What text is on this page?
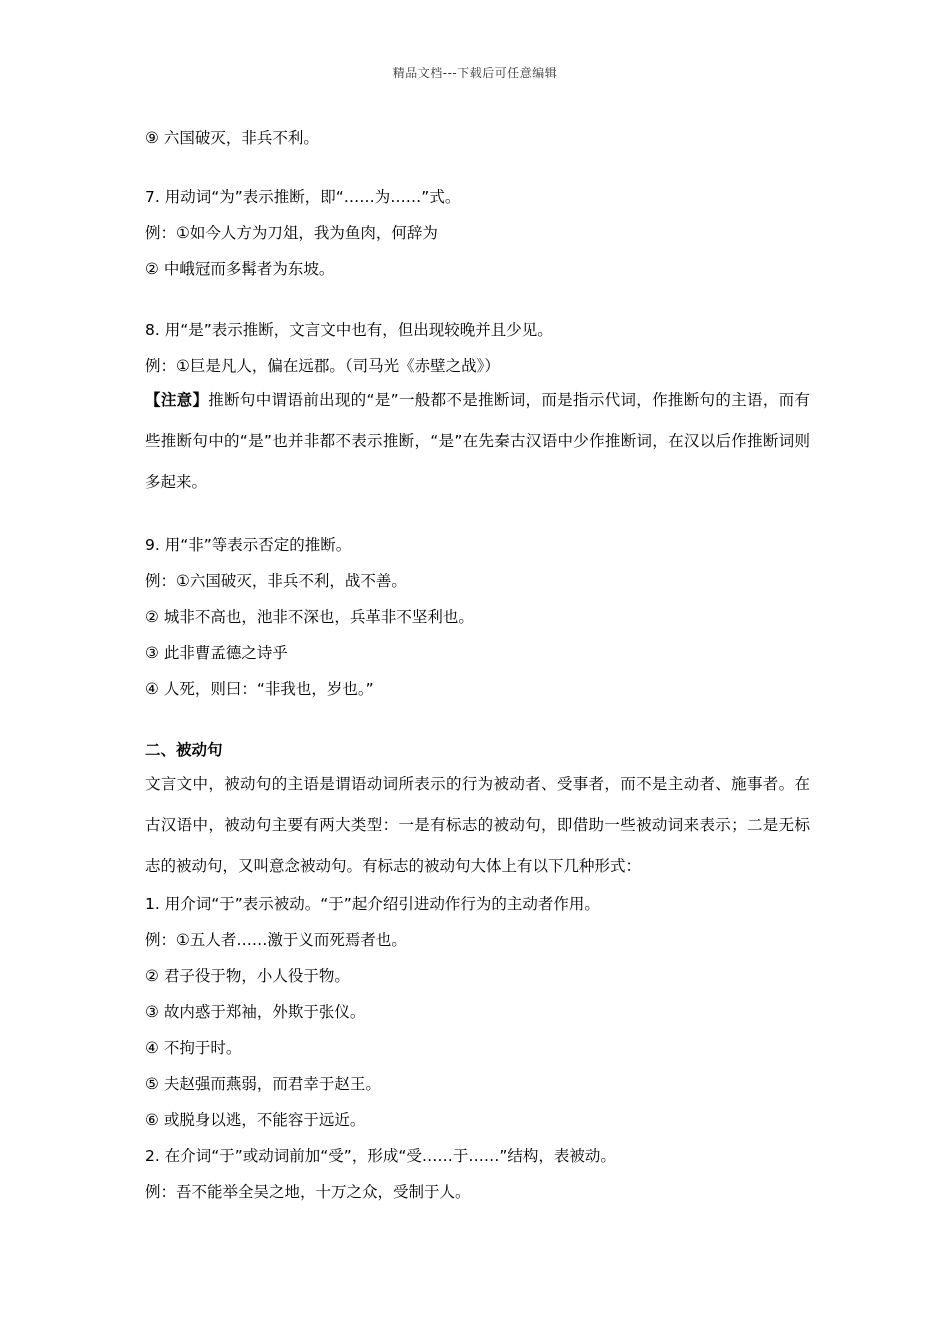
精品文档---下载后可任意编辑
⑨ 六国破灭，非兵不利。
7. 用动词“为”表示推断，即“……为……”式。
例：①如今人方为刀俎，我为鱼肉，何辞为
② 中峨冠而多髯者为东坡。
8. 用“是”表示推断，文言文中也有，但出现较晚并且少见。
例：①巨是凡人，偏在远郡。（司马光《赤壁之战》）
【注意】推断句中谓语前出现的“是”一般都不是推断词，而是指示代词，作推断句的主语，而有些推断句中的“是”也并非都不表示推断，“是”在先秦古汉语中少作推断词，在汉以后作推断词则多起来。
9. 用“非”等表示否定的推断。
例：①六国破灭，非兵不利，战不善。
② 城非不高也，池非不深也，兵革非不坚利也。
③ 此非曹孟德之诗乎
④ 人死，则曰：“非我也，岁也。”
二、被动句
文言文中，被动句的主语是谓语动词所表示的行为被动者、受事者，而不是主动者、施事者。在古汉语中，被动句主要有两大类型：一是有标志的被动句，即借助一些被动词来表示；二是无标志的被动句，又叫意念被动句。有标志的被动句大体上有以下几种形式：
1. 用介词“于”表示被动。“于”起介绍引进动作行为的主动者作用。
例：①五人者……激于义而死焉者也。
② 君子役于物，小人役于物。
③ 故内惑于郑袖，外欺于张仪。
④ 不拘于时。
⑤ 夫赵强而燕弱，而君幸于赵王。
⑥ 或脱身以逃，不能容于远近。
2. 在介词“于”或动词前加“受”，形成“受……于……”结构，表被动。
例：吾不能举全吴之地，十万之众，受制于人。
